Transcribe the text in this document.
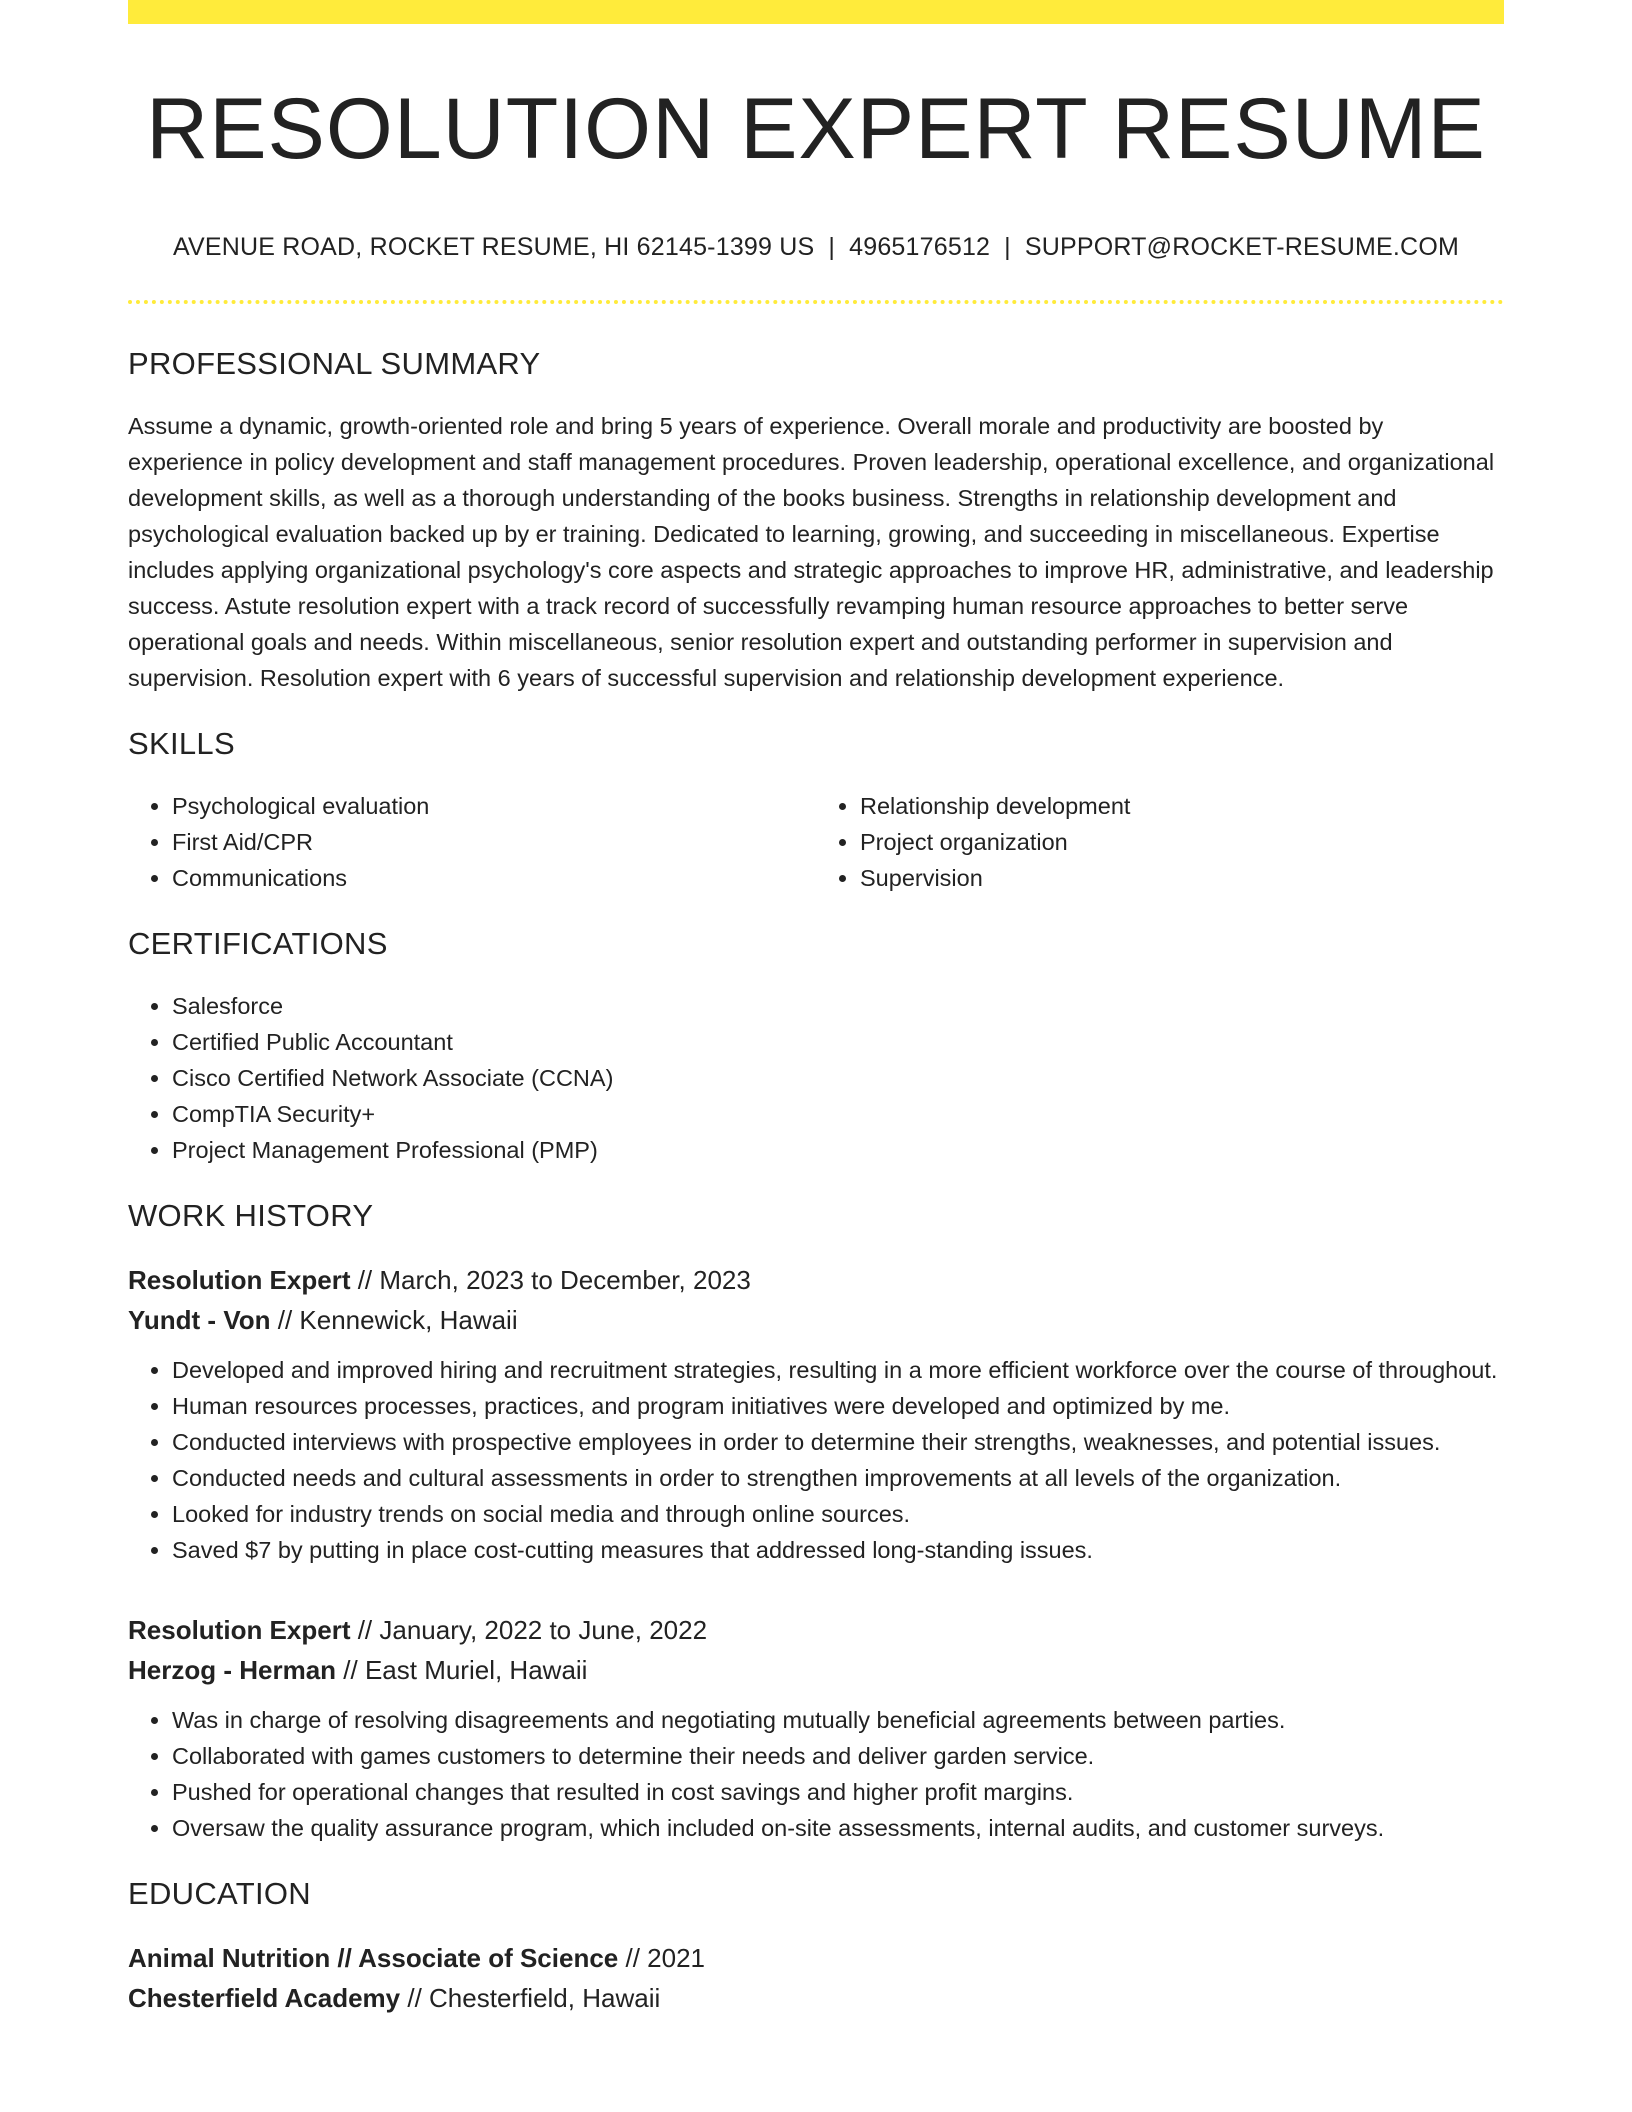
RESOLUTION EXPERT RESUME
AVENUE ROAD, ROCKET RESUME, HI 62145-1399 US | 4965176512 | SUPPORT@ROCKET-RESUME.COM
PROFESSIONAL SUMMARY

Assume a dynamic, growth-oriented role and bring 5 years of experience. Overall morale and productivity are boosted by experience in policy development and staff management procedures. Proven leadership, operational excellence, and organizational development skills, as well as a thorough understanding of the books business. Strengths in relationship development and psychological evaluation backed up by er training. Dedicated to learning, growing, and succeeding in miscellaneous. Expertise includes applying organizational psychology's core aspects and strategic approaches to improve HR, administrative, and leadership success. Astute resolution expert with a track record of successfully revamping human resource approaches to better serve operational goals and needs. Within miscellaneous, senior resolution expert and outstanding performer in supervision and supervision. Resolution expert with 6 years of successful supervision and relationship development experience.

SKILLS
• Psychological evaluation
• First Aid/CPR
• Communications
• Relationship development
• Project organization
• Supervision
CERTIFICATIONS
• Salesforce
• Certified Public Accountant
• Cisco Certified Network Associate (CCNA)
• CompTIA Security+
• Project Management Professional (PMP)
WORK HISTORY
Resolution Expert // March, 2023 to December, 2023
Yundt - Von // Kennewick, Hawaii
• Developed and improved hiring and recruitment strategies, resulting in a more efficient workforce over the course of throughout.
• Human resources processes, practices, and program initiatives were developed and optimized by me.
• Conducted interviews with prospective employees in order to determine their strengths, weaknesses, and potential issues.
• Conducted needs and cultural assessments in order to strengthen improvements at all levels of the organization.
• Looked for industry trends on social media and through online sources.
• Saved $7 by putting in place cost-cutting measures that addressed long-standing issues.
Resolution Expert // January, 2022 to June, 2022
Herzog - Herman // East Muriel, Hawaii
• Was in charge of resolving disagreements and negotiating mutually beneficial agreements between parties.
• Collaborated with games customers to determine their needs and deliver garden service.
• Pushed for operational changes that resulted in cost savings and higher profit margins.
• Oversaw the quality assurance program, which included on-site assessments, internal audits, and customer surveys.
EDUCATION
Animal Nutrition // Associate of Science // 2021
Chesterfield Academy // Chesterfield, Hawaii
